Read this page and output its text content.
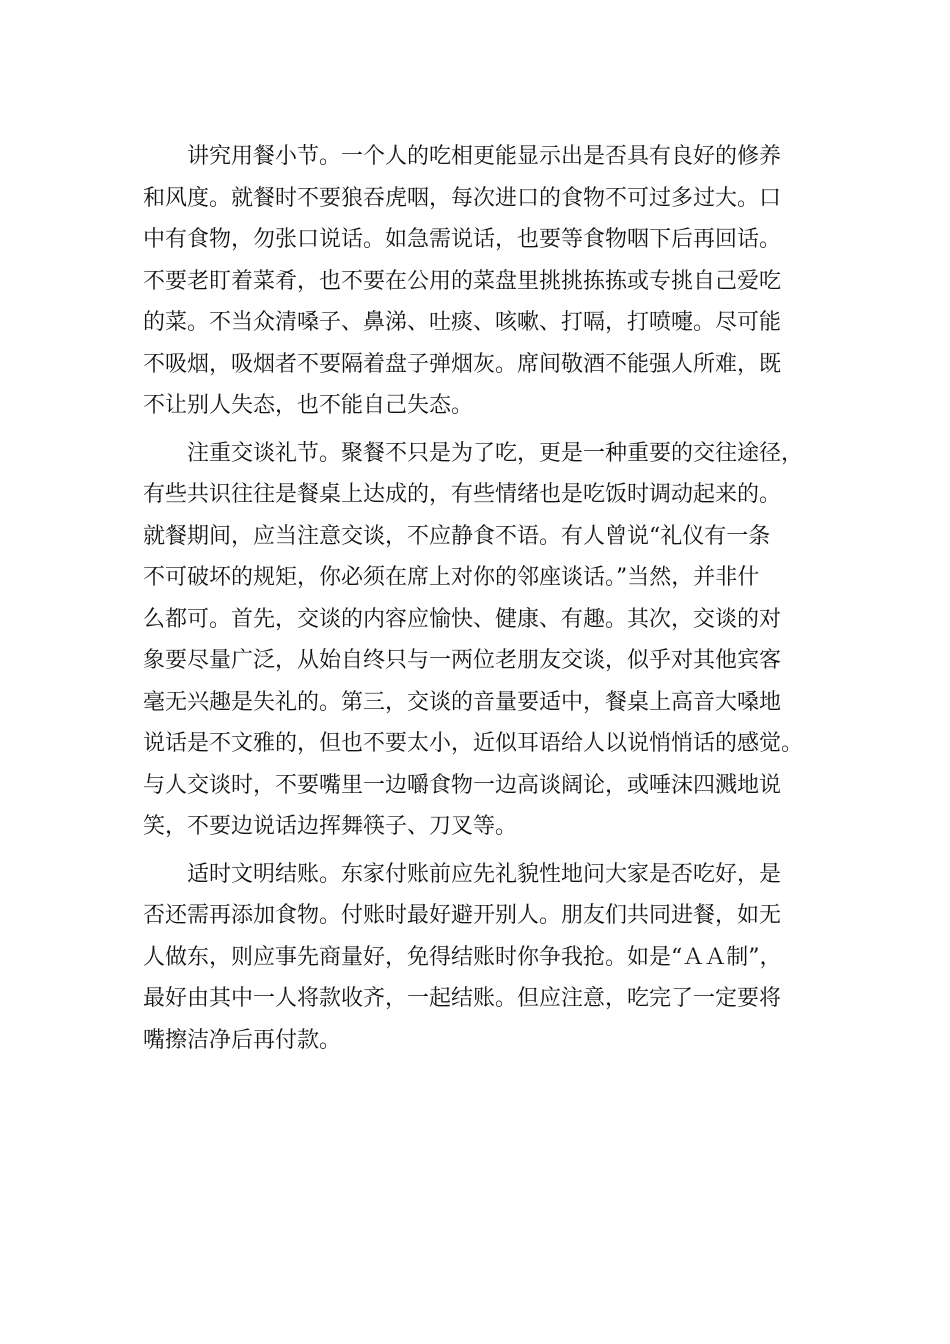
讲究用餐小节。一个人的吃相更能显示出是否具有良好的修养
和风度。就餐时不要狼吞虎咽，每次进口的食物不可过多过大。口
中有食物，勿张口说话。如急需说话，也要等食物咽下后再回话。
不要老盯着菜肴，也不要在公用的菜盘里挑挑拣拣或专挑自己爱吃
的菜。不当众清嗓子、鼻涕、吐痰、咳嗽、打嗝，打喷嚏。尽可能
不吸烟，吸烟者不要隔着盘子弹烟灰。席间敬酒不能强人所难，既
不让别人失态，也不能自己失态。
注重交谈礼节。聚餐不只是为了吃，更是一种重要的交往途径，
有些共识往往是餐桌上达成的，有些情绪也是吃饭时调动起来的。
就餐期间，应当注意交谈，不应静食不语。有人曾说“礼仪有一条
不可破坏的规矩，你必须在席上对你的邻座谈话。”当然，并非什
么都可。首先，交谈的内容应愉快、健康、有趣。其次，交谈的对
象要尽量广泛，从始自终只与一两位老朋友交谈，似乎对其他宾客
毫无兴趣是失礼的。第三，交谈的音量要适中，餐桌上高音大嗓地
说话是不文雅的，但也不要太小，近似耳语给人以说悄悄话的感觉。
与人交谈时，不要嘴里一边嚼食物一边高谈阔论，或唾沫四溅地说
笑，不要边说话边挥舞筷子、刀叉等。
适时文明结账。东家付账前应先礼貌性地问大家是否吃好，是
否还需再添加食物。付账时最好避开别人。朋友们共同进餐，如无
人做东，则应事先商量好，免得结账时你争我抢。如是“ＡＡ制”，
最好由其中一人将款收齐，一起结账。但应注意，吃完了一定要将
嘴擦洁净后再付款。
